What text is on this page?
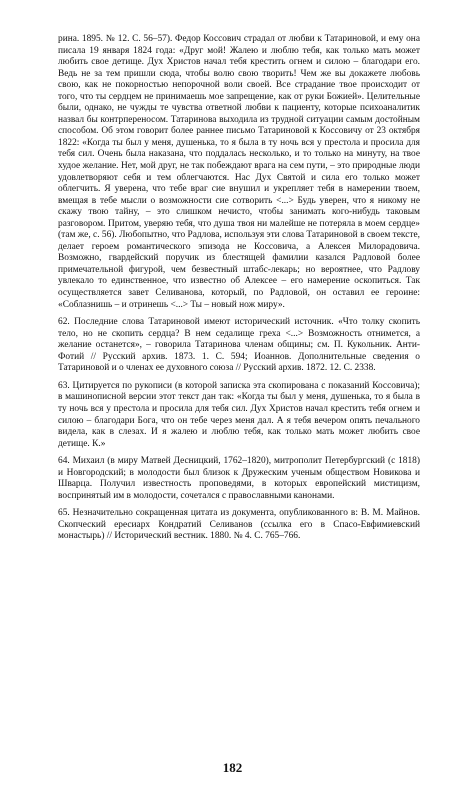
рина. 1895. № 12. С. 56–57). Федор Коссович страдал от любви к Татариновой, и ему она писала 19 января 1824 года: «Друг мой! Жалею и люблю тебя, как только мать может любить свое детище. Дух Христов начал тебя крестить огнем и силою – благодари его. Ведь не за тем пришли сюда, чтобы волю свою творить! Чем же вы докажете любовь свою, как не покорностью непорочной воли своей. Все страдание твое происходит от того, что ты сердцем не принимаешь мое запрещение, как от руки Божией». Целительные были, однако, не чужды те чувства ответной любви к пациенту, которые психоаналитик назвал бы контрпереносом. Татаринова выходила из трудной ситуации самым достойным способом. Об этом говорит более раннее письмо Татариновой к Коссовичу от 23 октября 1822: «Когда ты был у меня, душенька, то я была в ту ночь вся у престола и просила для тебя сил. Очень была наказана, что поддалась несколько, и то только на минуту, на твое худое желание. Нет, мой друг, не так побеждают врага на сем пути, – это природные люди удовлетворяют себя и тем облегчаются. Нас Дух Святой и сила его только может облегчить. Я уверена, что тебе враг сие внушил и укрепляет тебя в намерении твоем, вмещая в тебе мысли о возможности сие сотворить <...> Будь уверен, что я никому не скажу твою тайну, – это слишком нечисто, чтобы занимать кого-нибудь таковым разговором. Притом, уверяю тебя, что душа твоя ни малейше не потеряла в моем сердце» (там же, с. 56). Любопытно, что Радлова, используя эти слова Татариновой в своем тексте, делает героем романтического эпизода не Коссовича, а Алексея Милорадовича. Возможно, гвардейский поручик из блестящей фамилии казался Радловой более примечательной фигурой, чем безвестный штабс-лекарь; но вероятнее, что Радлову увлекало то единственное, что известно об Алексее – его намерение оскопиться. Так осуществляется завет Селиванова, который, по Радловой, он оставил ее героине: «Соблазнишь – и отринешь <...> Ты – новый нож миру».

62. Последние слова Татариновой имеют исторический источник. «Что толку скопить тело, но не скопить сердца? В нем седалище греха <...> Возможность отнимется, а желание останется», – говорила Татаринова членам общины; см. П. Кукольник. Анти-Фотий // Русский архив. 1873. 1. С. 594; Иоаннов. Дополнительные сведения о Татариновой и о членах ее духовного союза // Русский архив. 1872. 12. С. 2338.

63. Цитируется по рукописи (в которой записка эта скопирована с показаний Коссовича); в машинописной версии этот текст дан так: «Когда ты был у меня, душенька, то я была в ту ночь вся у престола и просила для тебя сил. Дух Христов начал крестить тебя огнем и силою – благодари Бога, что он тебе через меня дал. А я тебя вечером опять печального видела, как в слезах. И я жалею и люблю тебя, как только мать может любить свое детище. К.»

64. Михаил (в миру Матвей Десницкий, 1762–1820), митрополит Петербургский (с 1818) и Новгородский; в молодости был близок к Дружеским ученым обществом Новикова и Шварца. Получил известность проповедями, в которых европейский мистицизм, воспринятый им в молодости, сочетался с православными канонами.

65. Незначительно сокращенная цитата из документа, опубликованного в: В. М. Майнов. Скопческий ересиарх Кондратий Селиванов (ссылка его в Спасо-Евфимиевский монастырь) // Исторический вестник. 1880. № 4. С. 765–766.

182
